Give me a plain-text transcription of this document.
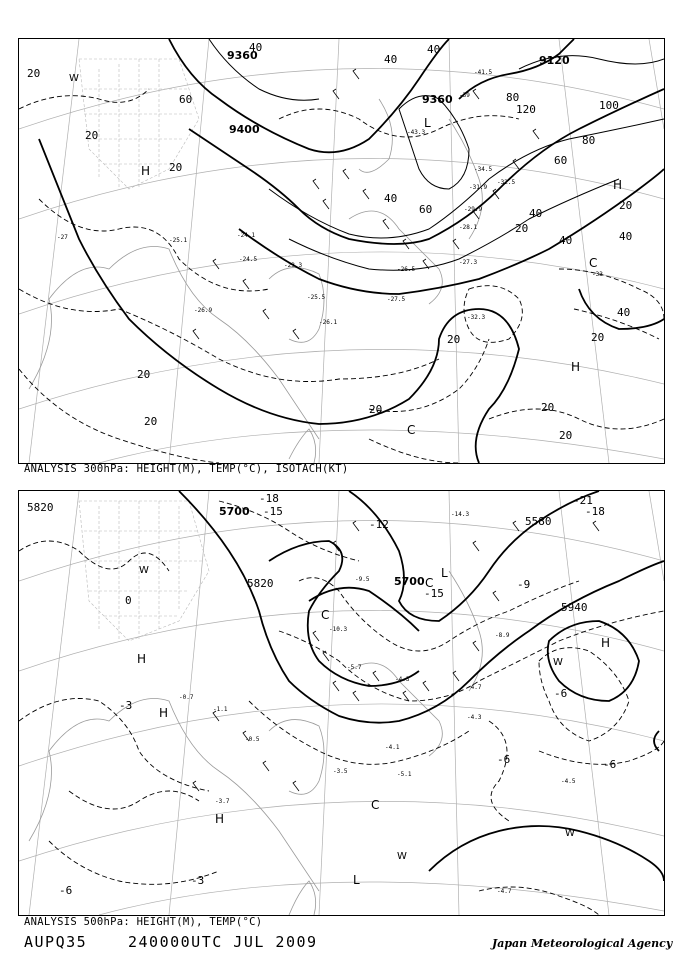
9360
9400
9360
9120
40
60
40
40
20
60
40
120
80
100
80
40
60
40
40
20
40
20
20
20
20
20
20
20
20
20
20
H
H
C
L
H
C
W
-41.5
-39
-43.3
-34.5
-32.5
-31.9
-29.9
-28.1
-27.3
-26.5
-25.5
-25.1
-24.5
-24.1
-23.3
-26.1
-27.5
-26.9
-32.3
-33
-27
ANALYSIS 300hPa: HEIGHT(M), TEMP(°C), ISOTACH(KT)
5820	5700
5820	5700
5580
5940
-18
-15
-12
-21
-18
-15
-9
-6
-3
0
-6	-6
-6
-3
C
C
L
H
H
H
H
C
L
W
W
W
W
-14.3
-9.5
-10.3
-5.7
-4.3
-8.9
-4.7
-4.3
-4.1
-5.1
-3.5
-3.7
-4.5
-4.7
-0.7
-0.5
-1.1
ANALYSIS 500hPa: HEIGHT(M), TEMP(°C)
AUPQ35	240000UTC JUL 2009	Japan Meteorological Agency
